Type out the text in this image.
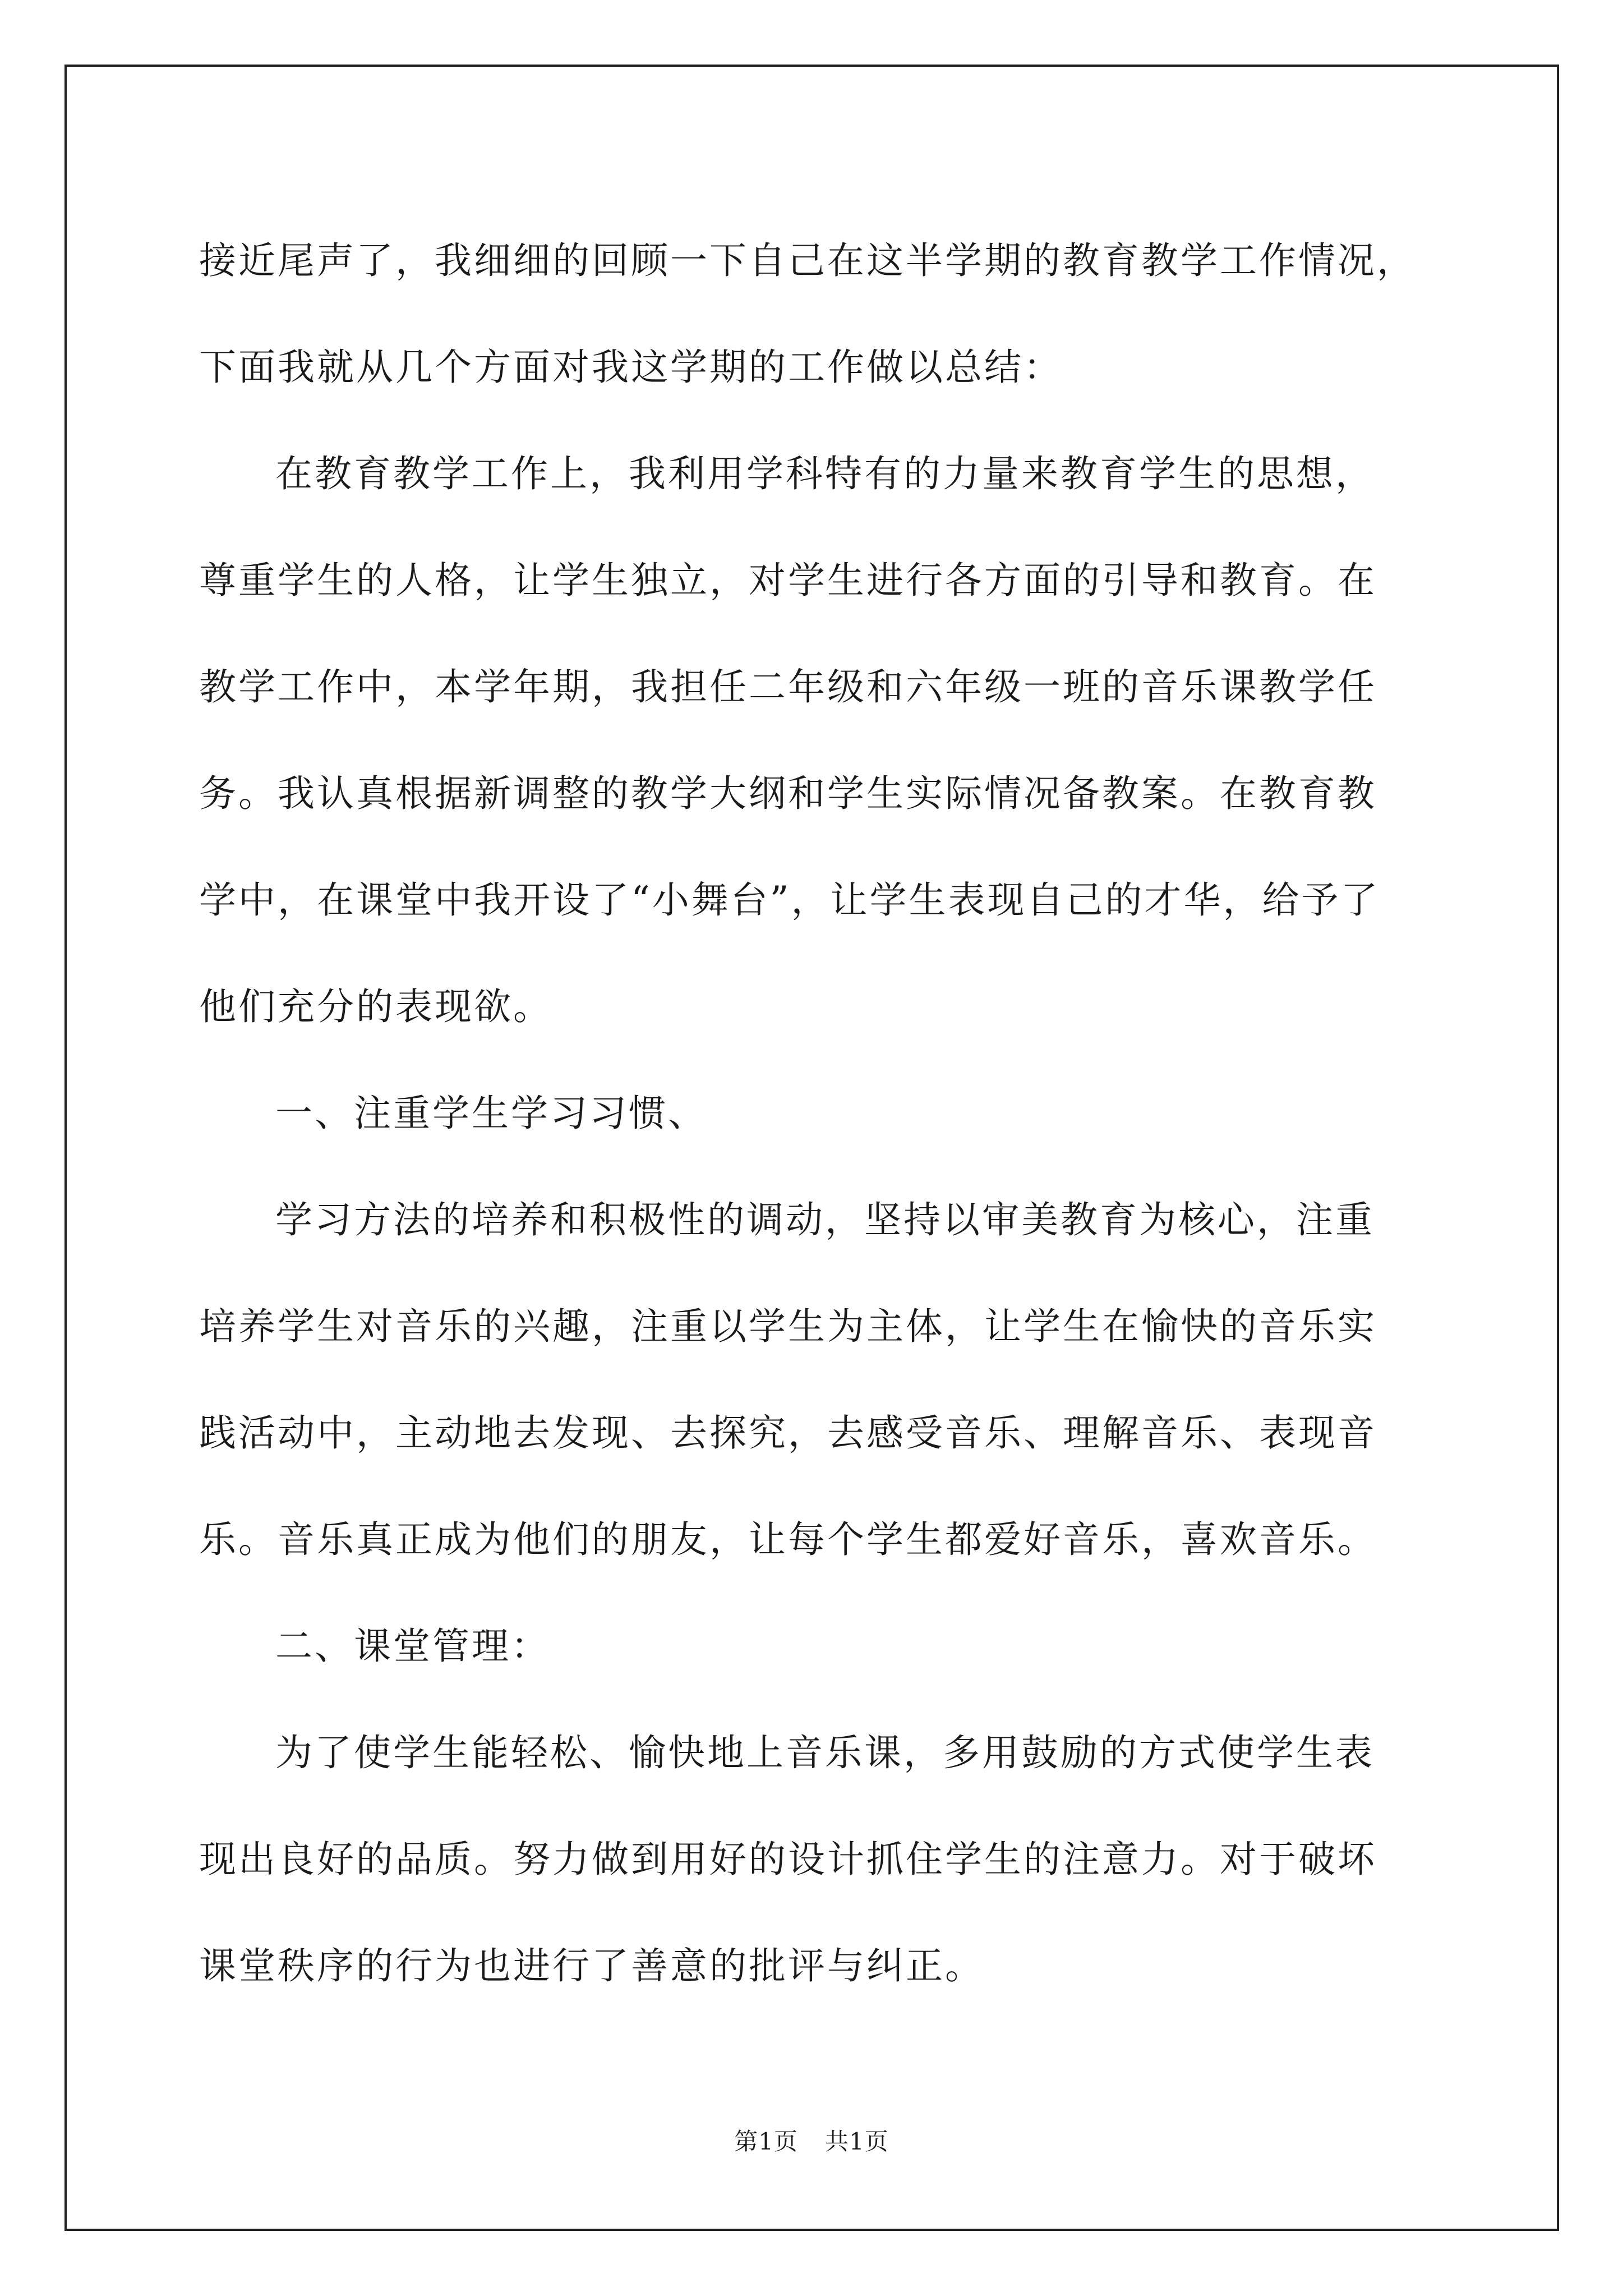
接近尾声了，我细细的回顾一下自己在这半学期的教育教学工作情况，
下面我就从几个方面对我这学期的工作做以总结：
在教育教学工作上，我利用学科特有的力量来教育学生的思想，
尊重学生的人格，让学生独立，对学生进行各方面的引导和教育。在
教学工作中，本学年期，我担任二年级和六年级一班的音乐课教学任
务。我认真根据新调整的教学大纲和学生实际情况备教案。在教育教
学中，在课堂中我开设了“小舞台”，让学生表现自己的才华，给予了
他们充分的表现欲。
一、注重学生学习习惯、
学习方法的培养和积极性的调动，坚持以审美教育为核心，注重
培养学生对音乐的兴趣，注重以学生为主体，让学生在愉快的音乐实
践活动中，主动地去发现、去探究，去感受音乐、理解音乐、表现音
乐。音乐真正成为他们的朋友，让每个学生都爱好音乐，喜欢音乐。
二、课堂管理：
为了使学生能轻松、愉快地上音乐课，多用鼓励的方式使学生表
现出良好的品质。努力做到用好的设计抓住学生的注意力。对于破坏
课堂秩序的行为也进行了善意的批评与纠正。
第1页 共1页
